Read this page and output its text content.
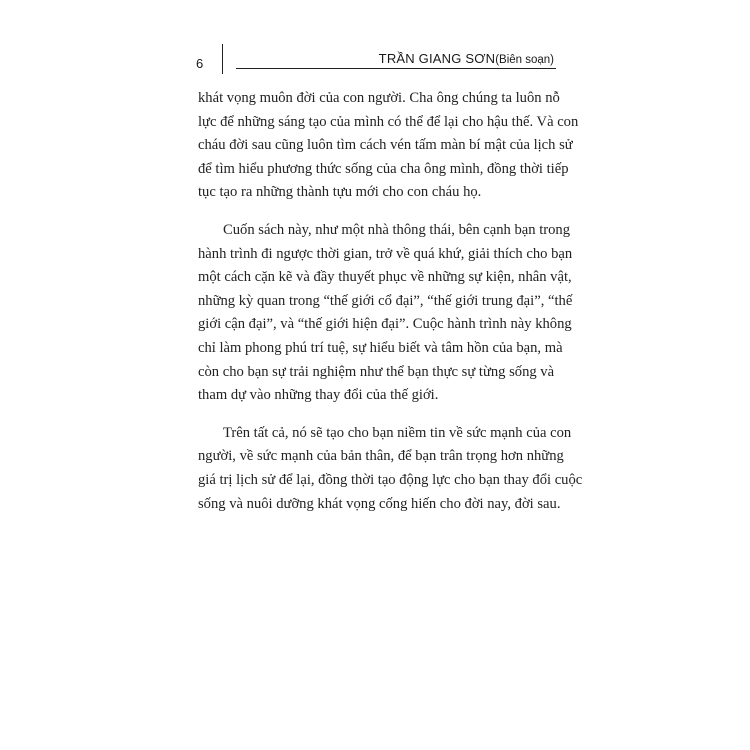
6	TRẦN GIANG SƠN(Biên soạn)
khát vọng muôn đời của con người. Cha ông chúng ta luôn nỗ
lực để những sáng tạo của mình có thể để lại cho hậu thế. Và con
cháu đời sau cũng luôn tìm cách vén tấm màn bí mật của lịch sử
để tìm hiểu phương thức sống của cha ông mình, đồng thời tiếp
tục tạo ra những thành tựu mới cho con cháu họ.
Cuốn sách này, như một nhà thông thái, bên cạnh bạn trong
hành trình đi ngược thời gian, trở về quá khứ, giải thích cho bạn
một cách cặn kẽ và đầy thuyết phục về những sự kiện, nhân vật,
những kỳ quan trong “thế giới cổ đại”, “thế giới trung đại”, “thế
giới cận đại”, và “thế giới hiện đại”. Cuộc hành trình này không
chỉ làm phong phú trí tuệ, sự hiểu biết và tâm hồn của bạn, mà
còn cho bạn sự trải nghiệm như thể bạn thực sự từng sống và
tham dự vào những thay đổi của thế giới.
Trên tất cả, nó sẽ tạo cho bạn niềm tin về sức mạnh của con
người, về sức mạnh của bản thân, để bạn trân trọng hơn những
giá trị lịch sử để lại, đồng thời tạo động lực cho bạn thay đổi cuộc
sống và nuôi dưỡng khát vọng cống hiến cho đời nay, đời sau.
